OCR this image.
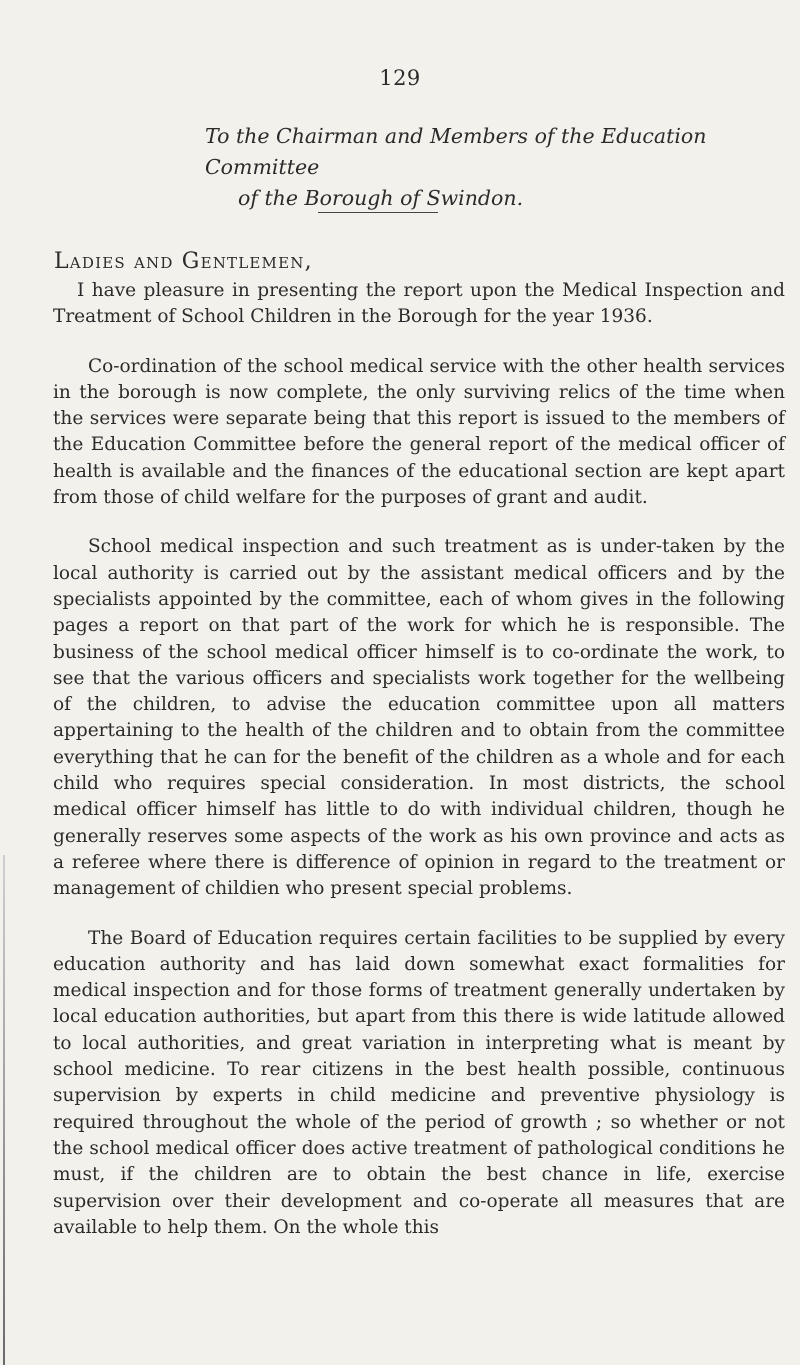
129
To the Chairman and Members of the Education Committee
of the Borough of Swindon.
Ladies and Gentlemen,

I have pleasure in presenting the report upon the Medical Inspection and Treatment of School Children in the Borough for the year 1936.

Co-ordination of the school medical service with the other health services in the borough is now complete, the only surviving relics of the time when the services were separate being that this report is issued to the members of the Education Committee before the general report of the medical officer of health is available and the finances of the educational section are kept apart from those of child welfare for the purposes of grant and audit.

School medical inspection and such treatment as is under-taken by the local authority is carried out by the assistant medical officers and by the specialists appointed by the committee, each of whom gives in the following pages a report on that part of the work for which he is responsible. The business of the school medical officer himself is to co-ordinate the work, to see that the various officers and specialists work together for the wellbeing of the children, to advise the education committee upon all matters appertaining to the health of the children and to obtain from the committee everything that he can for the benefit of the children as a whole and for each child who requires special consideration. In most districts, the school medical officer himself has little to do with individual children, though he generally reserves some aspects of the work as his own province and acts as a referee where there is difference of opinion in regard to the treatment or management of childien who present special problems.

The Board of Education requires certain facilities to be supplied by every education authority and has laid down somewhat exact formalities for medical inspection and for those forms of treatment generally undertaken by local education authorities, but apart from this there is wide latitude allowed to local authorities, and great variation in interpreting what is meant by school medicine. To rear citizens in the best health possible, continuous supervision by experts in child medicine and preventive physiology is required throughout the whole of the period of growth ; so whether or not the school medical officer does active treatment of pathological conditions he must, if the children are to obtain the best chance in life, exercise supervision over their development and co-operate all measures that are available to help them. On the whole this
